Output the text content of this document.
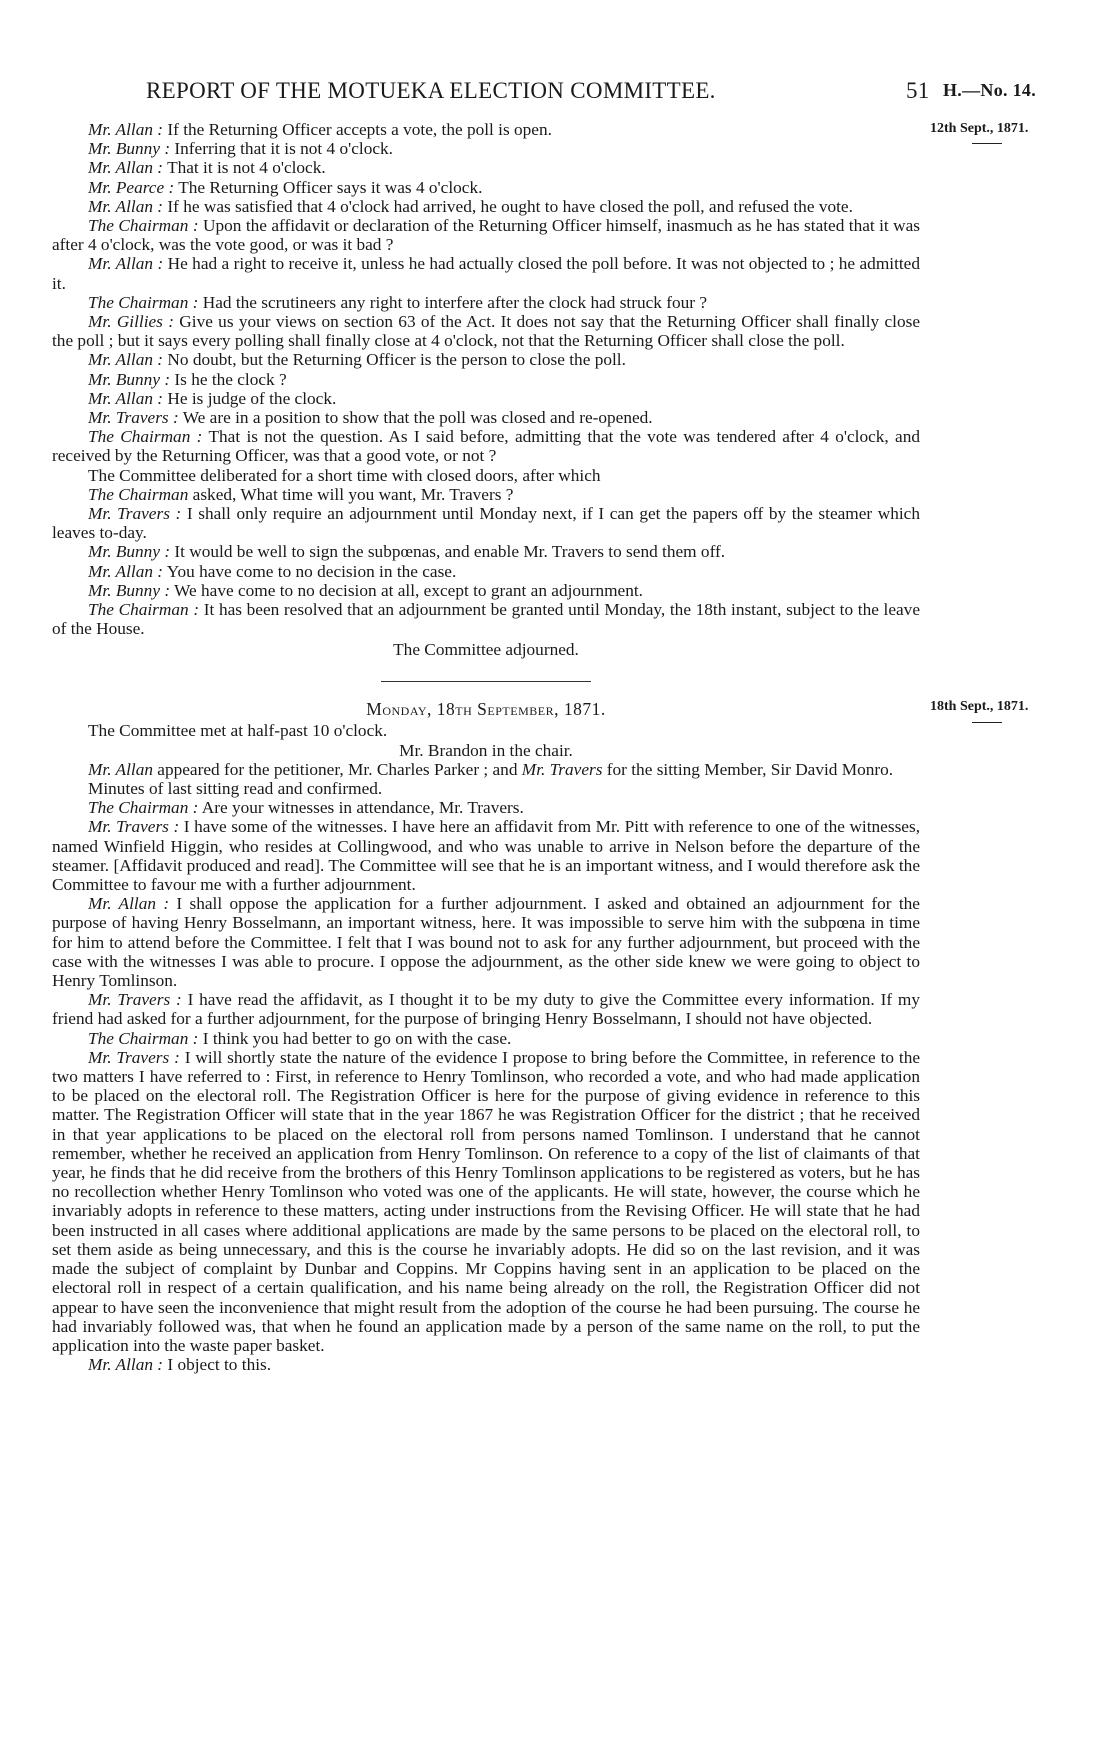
REPORT OF THE MOTUEKA ELECTION COMMITTEE.	51 H.—No. 14.
12th Sept., 1871.
18th Sept., 1871.

Mr. Allan : If the Returning Officer accepts a vote, the poll is open.

Mr. Bunny : Inferring that it is not 4 o'clock.

Mr. Allan : That it is not 4 o'clock.

Mr. Pearce : The Returning Officer says it was 4 o'clock.

Mr. Allan : If he was satisfied that 4 o'clock had arrived, he ought to have closed the poll, and refused the vote.

The Chairman : Upon the affidavit or declaration of the Returning Officer himself, inasmuch as he has stated that it was after 4 o'clock, was the vote good, or was it bad ?

Mr. Allan : He had a right to receive it, unless he had actually closed the poll before. It was not objected to ; he admitted it.

The Chairman : Had the scrutineers any right to interfere after the clock had struck four ?

Mr. Gillies : Give us your views on section 63 of the Act. It does not say that the Returning Officer shall finally close the poll ; but it says every polling shall finally close at 4 o'clock, not that the Returning Officer shall close the poll.

Mr. Allan : No doubt, but the Returning Officer is the person to close the poll.

Mr. Bunny : Is he the clock ?

Mr. Allan : He is judge of the clock.

Mr. Travers : We are in a position to show that the poll was closed and re-opened.

The Chairman : That is not the question. As I said before, admitting that the vote was tendered after 4 o'clock, and received by the Returning Officer, was that a good vote, or not ?

The Committee deliberated for a short time with closed doors, after which

The Chairman asked, What time will you want, Mr. Travers ?

Mr. Travers : I shall only require an adjournment until Monday next, if I can get the papers off by the steamer which leaves to-day.

Mr. Bunny : It would be well to sign the subpœnas, and enable Mr. Travers to send them off.

Mr. Allan : You have come to no decision in the case.

Mr. Bunny : We have come to no decision at all, except to grant an adjournment.

The Chairman : It has been resolved that an adjournment be granted until Monday, the 18th instant, subject to the leave of the House.

The Committee adjourned.

Monday, 18th September, 1871.

The Committee met at half-past 10 o'clock.

Mr. Brandon in the chair.

Mr. Allan appeared for the petitioner, Mr. Charles Parker ; and Mr. Travers for the sitting Member, Sir David Monro.

Minutes of last sitting read and confirmed.

The Chairman : Are your witnesses in attendance, Mr. Travers.

Mr. Travers : I have some of the witnesses. I have here an affidavit from Mr. Pitt with reference to one of the witnesses, named Winfield Higgin, who resides at Collingwood, and who was unable to arrive in Nelson before the departure of the steamer. [Affidavit produced and read]. The Committee will see that he is an important witness, and I would therefore ask the Committee to favour me with a further adjournment.

Mr. Allan : I shall oppose the application for a further adjournment. I asked and obtained an adjournment for the purpose of having Henry Bosselmann, an important witness, here. It was impossible to serve him with the subpœna in time for him to attend before the Committee. I felt that I was bound not to ask for any further adjournment, but proceed with the case with the witnesses I was able to procure. I oppose the adjournment, as the other side knew we were going to object to Henry Tomlinson.

Mr. Travers : I have read the affidavit, as I thought it to be my duty to give the Committee every information. If my friend had asked for a further adjournment, for the purpose of bringing Henry Bosselmann, I should not have objected.

The Chairman : I think you had better to go on with the case.

Mr. Travers : I will shortly state the nature of the evidence I propose to bring before the Committee, in reference to the two matters I have referred to : First, in reference to Henry Tomlinson, who recorded a vote, and who had made application to be placed on the electoral roll. The Registration Officer is here for the purpose of giving evidence in reference to this matter. The Registration Officer will state that in the year 1867 he was Registration Officer for the district ; that he received in that year applications to be placed on the electoral roll from persons named Tomlinson. I understand that he cannot remember, whether he received an application from Henry Tomlinson. On reference to a copy of the list of claimants of that year, he finds that he did receive from the brothers of this Henry Tomlinson applications to be registered as voters, but he has no recollection whether Henry Tomlinson who voted was one of the applicants. He will state, however, the course which he invariably adopts in reference to these matters, acting under instructions from the Revising Officer. He will state that he had been instructed in all cases where additional applications are made by the same persons to be placed on the electoral roll, to set them aside as being unnecessary, and this is the course he invariably adopts. He did so on the last revision, and it was made the subject of complaint by Dunbar and Coppins. Mr Coppins having sent in an application to be placed on the electoral roll in respect of a certain qualification, and his name being already on the roll, the Registration Officer did not appear to have seen the inconvenience that might result from the adoption of the course he had been pursuing. The course he had invariably followed was, that when he found an application made by a person of the same name on the roll, to put the application into the waste paper basket.

Mr. Allan : I object to this.
